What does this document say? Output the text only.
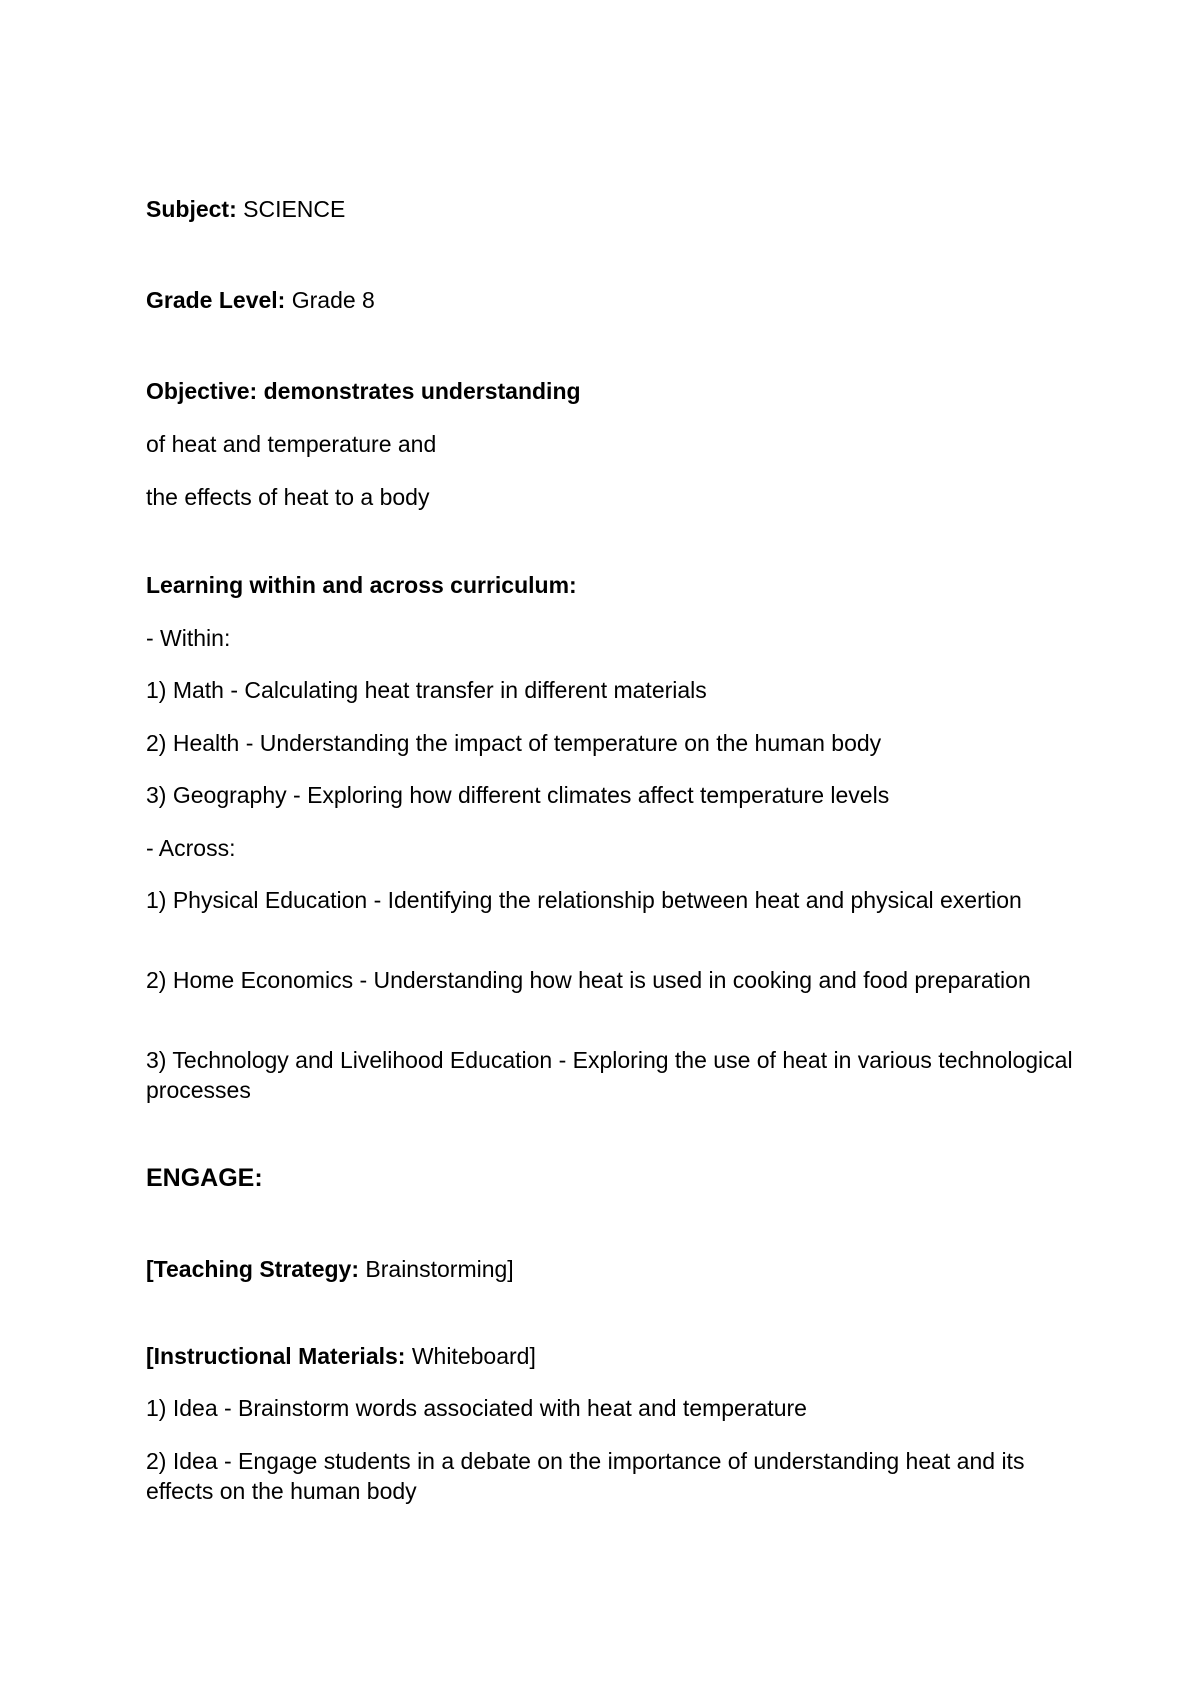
Subject: SCIENCE
Grade Level: Grade 8
Objective: demonstrates understanding
of heat and temperature and
the effects of heat to a body
Learning within and across curriculum:
- Within:
1) Math - Calculating heat transfer in different materials
2) Health - Understanding the impact of temperature on the human body
3) Geography - Exploring how different climates affect temperature levels
- Across:
1) Physical Education - Identifying the relationship between heat and physical exertion
2) Home Economics - Understanding how heat is used in cooking and food preparation
3) Technology and Livelihood Education - Exploring the use of heat in various technological processes
ENGAGE:
[Teaching Strategy: Brainstorming]
[Instructional Materials: Whiteboard]
1) Idea - Brainstorm words associated with heat and temperature
2) Idea - Engage students in a debate on the importance of understanding heat and its effects on the human body
